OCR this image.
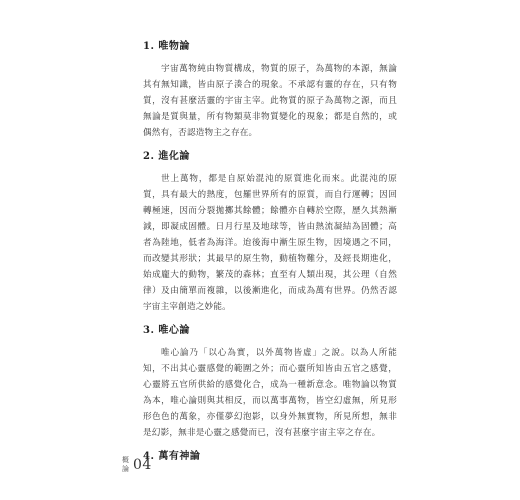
1. 唯物論

宇宙萬物純由物質構成，物質的原子，為萬物的本源，無論其有無知識，皆由原子湊合的現象。不承認有靈的存在，只有物質，沒有甚麼活靈的宇宙主宰。此物質的原子為萬物之源，而且無論是質與量，所有物類莫非物質變化的現象；都是自然的，或偶然有，否認造物主之存在。

2. 進化論

世上萬物，都是自原始混沌的原質進化而來。此混沌的原質，具有最大的熱度，包羅世界所有的原質，而自行運轉；因回轉極速，因而分裂拋擲其餘體；餘體亦自轉於空際，歷久其熱漸減，即凝成固體。日月行星及地球等，皆由熱流凝結為固體；高者為陸地，低者為海洋。迨後海中漸生原生物，因境遇之不同，而改變其形狀；其最早的原生物，動植物難分，及經長期進化，始成龐大的動物，繁茂的森林；直至有人類出現，其公理（自然律）及由簡單而複雜，以後漸進化，而成為萬有世界。仍然否認宇宙主宰創造之妙能。

3. 唯心論

唯心論乃「以心為實，以外萬物皆虛」之說。以為人所能知，不出其心靈感覺的範圍之外；而心靈所知皆由五官之感覺，心靈將五官所供給的感覺化合，成為一種新意念。唯物論以物質為本，唯心論則與其相反，而以萬事萬物，皆空幻虛無，所見形形色色的萬象，亦僅夢幻泡影，以身外無實物，所見所想，無非是幻影，無非是心靈之感覺而已，沒有甚麼宇宙主宰之存在。

4. 萬有神論
概論 04
